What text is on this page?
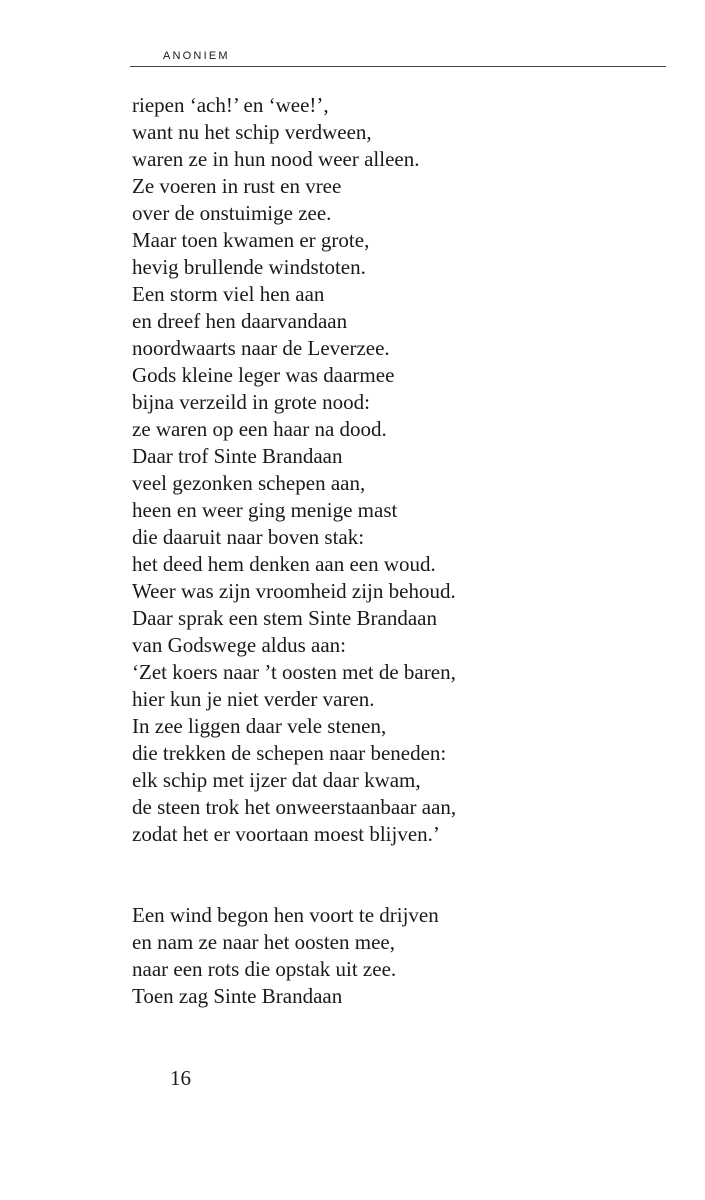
ANONIEM
riepen ‘ach!’ en ‘wee!’,
want nu het schip verdween,
waren ze in hun nood weer alleen.
Ze voeren in rust en vree
over de onstuimige zee.
Maar toen kwamen er grote,
hevig brullende windstoten.
Een storm viel hen aan
en dreef hen daarvandaan
noordwaarts naar de Leverzee.
Gods kleine leger was daarmee
bijna verzeild in grote nood:
ze waren op een haar na dood.
Daar trof Sinte Brandaan
veel gezonken schepen aan,
heen en weer ging menige mast
die daaruit naar boven stak:
het deed hem denken aan een woud.
Weer was zijn vroomheid zijn behoud.
Daar sprak een stem Sinte Brandaan
van Godswege aldus aan:
‘Zet koers naar ’t oosten met de baren,
hier kun je niet verder varen.
In zee liggen daar vele stenen,
die trekken de schepen naar beneden:
elk schip met ijzer dat daar kwam,
de steen trok het onweerstaanbaar aan,
zodat het er voortaan moest blijven.’
Een wind begon hen voort te drijven
en nam ze naar het oosten mee,
naar een rots die opstak uit zee.
Toen zag Sinte Brandaan
16
